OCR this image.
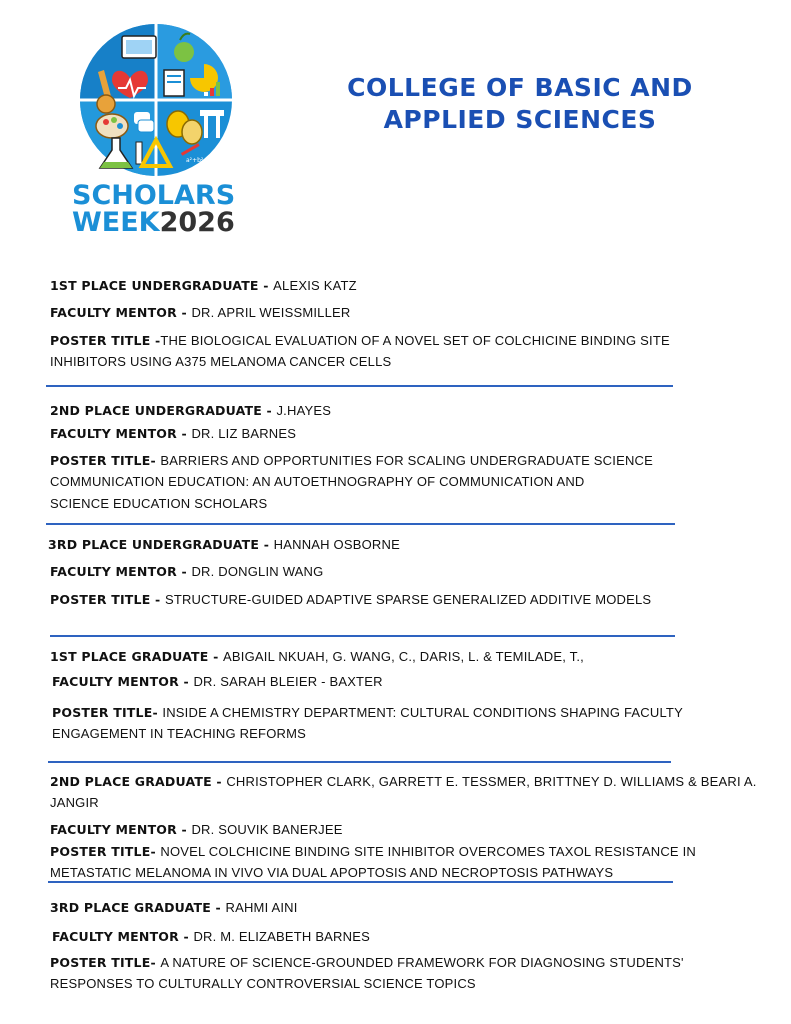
a²+b²=c
SCHOLARS
WEEK2026
COLLEGE OF BASIC AND
APPLIED SCIENCES
1ST PLACE UNDERGRADUATE - ALEXIS KATZ
FACULTY MENTOR - DR. APRIL WEISSMILLER
POSTER TITLE -THE BIOLOGICAL EVALUATION OF A NOVEL SET OF COLCHICINE BINDING SITE
INHIBITORS USING A375 MELANOMA CANCER CELLS
2ND PLACE UNDERGRADUATE - J.HAYES
FACULTY MENTOR - DR. LIZ BARNES
POSTER TITLE- BARRIERS AND OPPORTUNITIES FOR SCALING UNDERGRADUATE SCIENCE
COMMUNICATION EDUCATION: AN AUTOETHNOGRAPHY OF COMMUNICATION AND
SCIENCE EDUCATION SCHOLARS
3RD PLACE UNDERGRADUATE - HANNAH OSBORNE
FACULTY MENTOR - DR. DONGLIN WANG
POSTER TITLE - STRUCTURE-GUIDED ADAPTIVE SPARSE GENERALIZED ADDITIVE MODELS
1ST PLACE GRADUATE - ABIGAIL NKUAH, G. WANG, C., DARIS, L. & TEMILADE, T.,
FACULTY MENTOR - DR. SARAH BLEIER - BAXTER
POSTER TITLE- INSIDE A CHEMISTRY DEPARTMENT: CULTURAL CONDITIONS SHAPING FACULTY
ENGAGEMENT IN TEACHING REFORMS
2ND PLACE GRADUATE - CHRISTOPHER CLARK, GARRETT E. TESSMER, BRITTNEY D. WILLIAMS & BEARI A.
JANGIR
FACULTY MENTOR - DR. SOUVIK BANERJEE
POSTER TITLE- NOVEL COLCHICINE BINDING SITE INHIBITOR OVERCOMES TAXOL RESISTANCE IN
METASTATIC MELANOMA IN VIVO VIA DUAL APOPTOSIS AND NECROPTOSIS PATHWAYS
3RD PLACE GRADUATE - RAHMI AINI
FACULTY MENTOR - DR. M. ELIZABETH BARNES
POSTER TITLE- A NATURE OF SCIENCE-GROUNDED FRAMEWORK FOR DIAGNOSING STUDENTS'
RESPONSES TO CULTURALLY CONTROVERSIAL SCIENCE TOPICS
